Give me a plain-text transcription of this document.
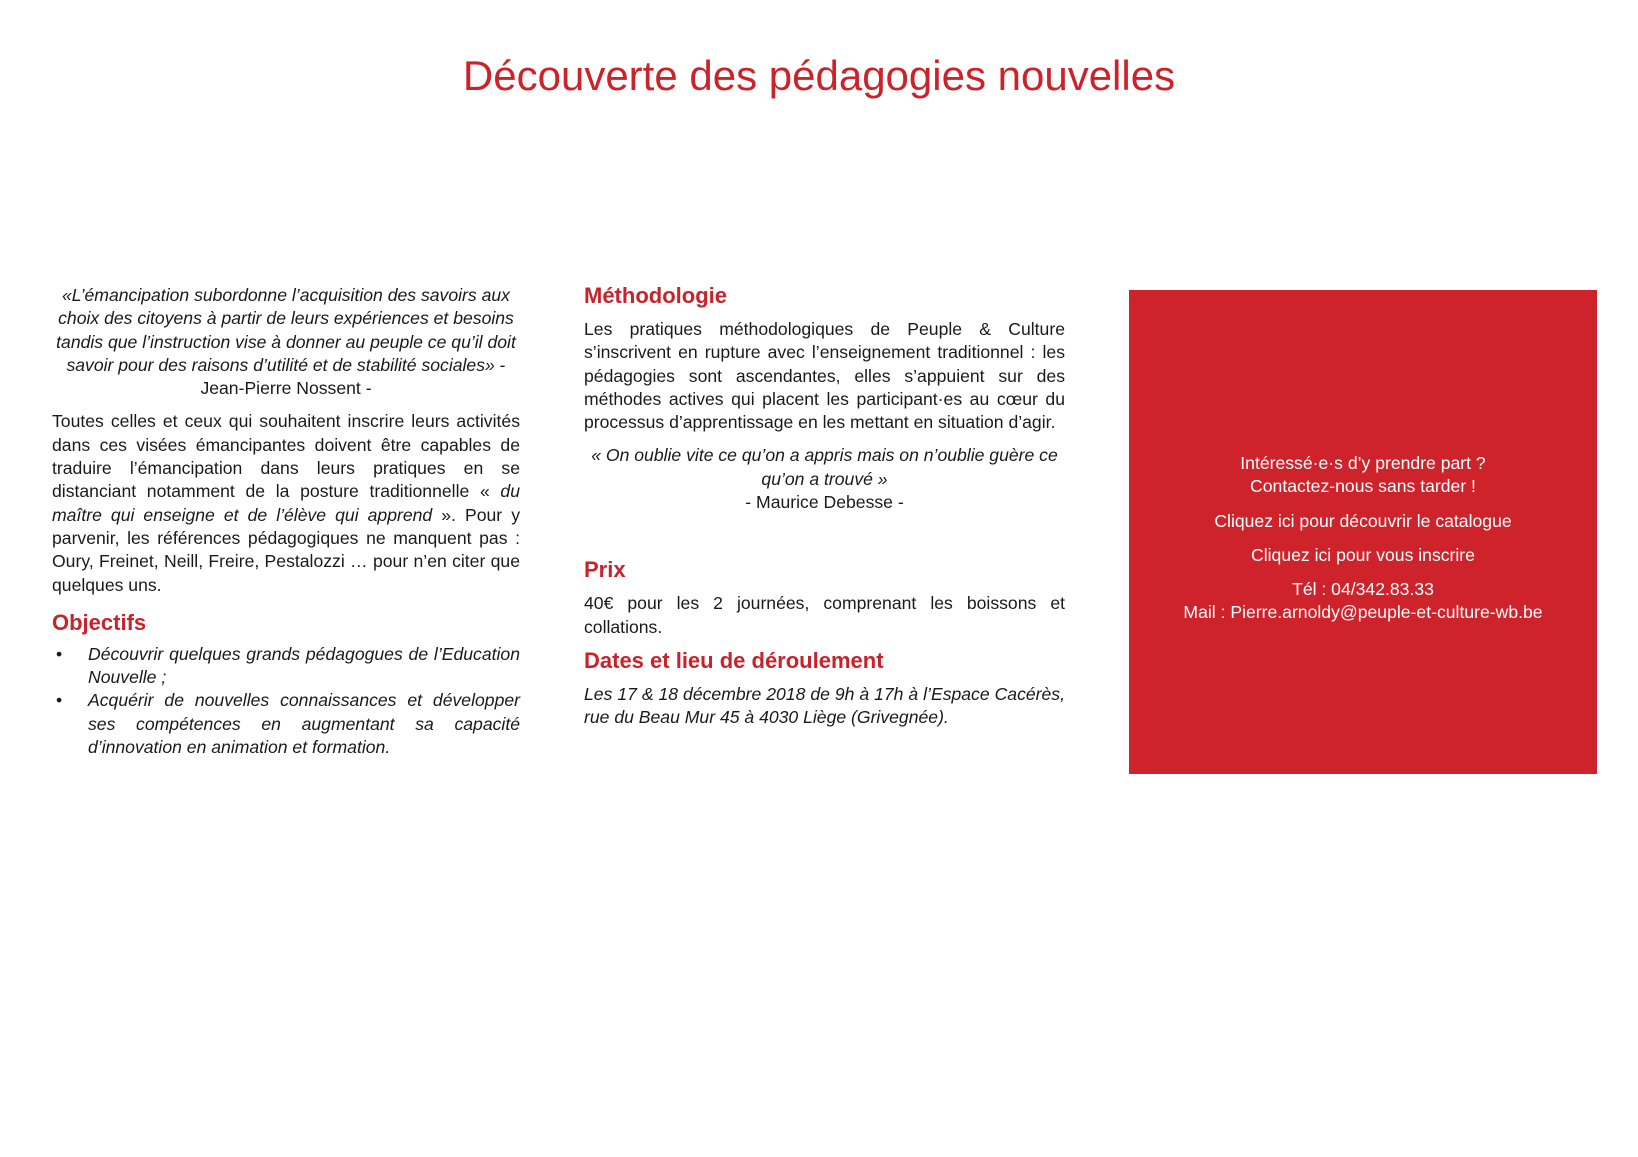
Découverte des pédagogies nouvelles

«L’émancipation subordonne l’acquisition des savoirs aux choix des citoyens à partir de leurs expériences et besoins tandis que l’instruction vise à donner au peuple ce qu’il doit savoir pour des raisons d’utilité et de stabilité sociales» - Jean-Pierre Nossent -

Toutes celles et ceux qui souhaitent inscrire leurs activités dans ces visées émancipantes doivent être capables de traduire l’émancipation dans leurs pratiques en se distanciant notamment de la posture traditionnelle « du maître qui enseigne et de l’élève qui apprend ». Pour y parvenir, les références pédagogiques ne manquent pas : Oury, Freinet, Neill, Freire, Pestalozzi … pour n’en citer que quelques uns.

Objectifs
• Découvrir quelques grands pédagogues de l’Education Nouvelle ;
• Acquérir de nouvelles connaissances et développer ses compétences en augmentant sa capacité d’innovation en animation et formation.
Méthodologie

Les pratiques méthodologiques de Peuple & Culture s’inscrivent en rupture avec l’enseignement traditionnel : les pédagogies sont ascendantes, elles s’appuient sur des méthodes actives qui placent les participant·es au cœur du processus d’apprentissage en les mettant en situation d’agir.

« On oublie vite ce qu’on a appris mais on n’oublie guère ce qu’on a trouvé »
- Maurice Debesse -

Prix

40€ pour les 2 journées, comprenant les boissons et collations.

Dates et lieu de déroulement

Les 17 & 18 décembre 2018 de 9h à 17h à l’Espace Cacérès, rue du Beau Mur 45 à 4030 Liège (Grivegnée).

Intéressé·e·s d’y prendre part ?
Contactez-nous sans tarder !

Cliquez ici pour découvrir le catalogue

Cliquez ici pour vous inscrire

Tél : 04/342.83.33
Mail : Pierre.arnoldy@peuple-et-culture-wb.be
